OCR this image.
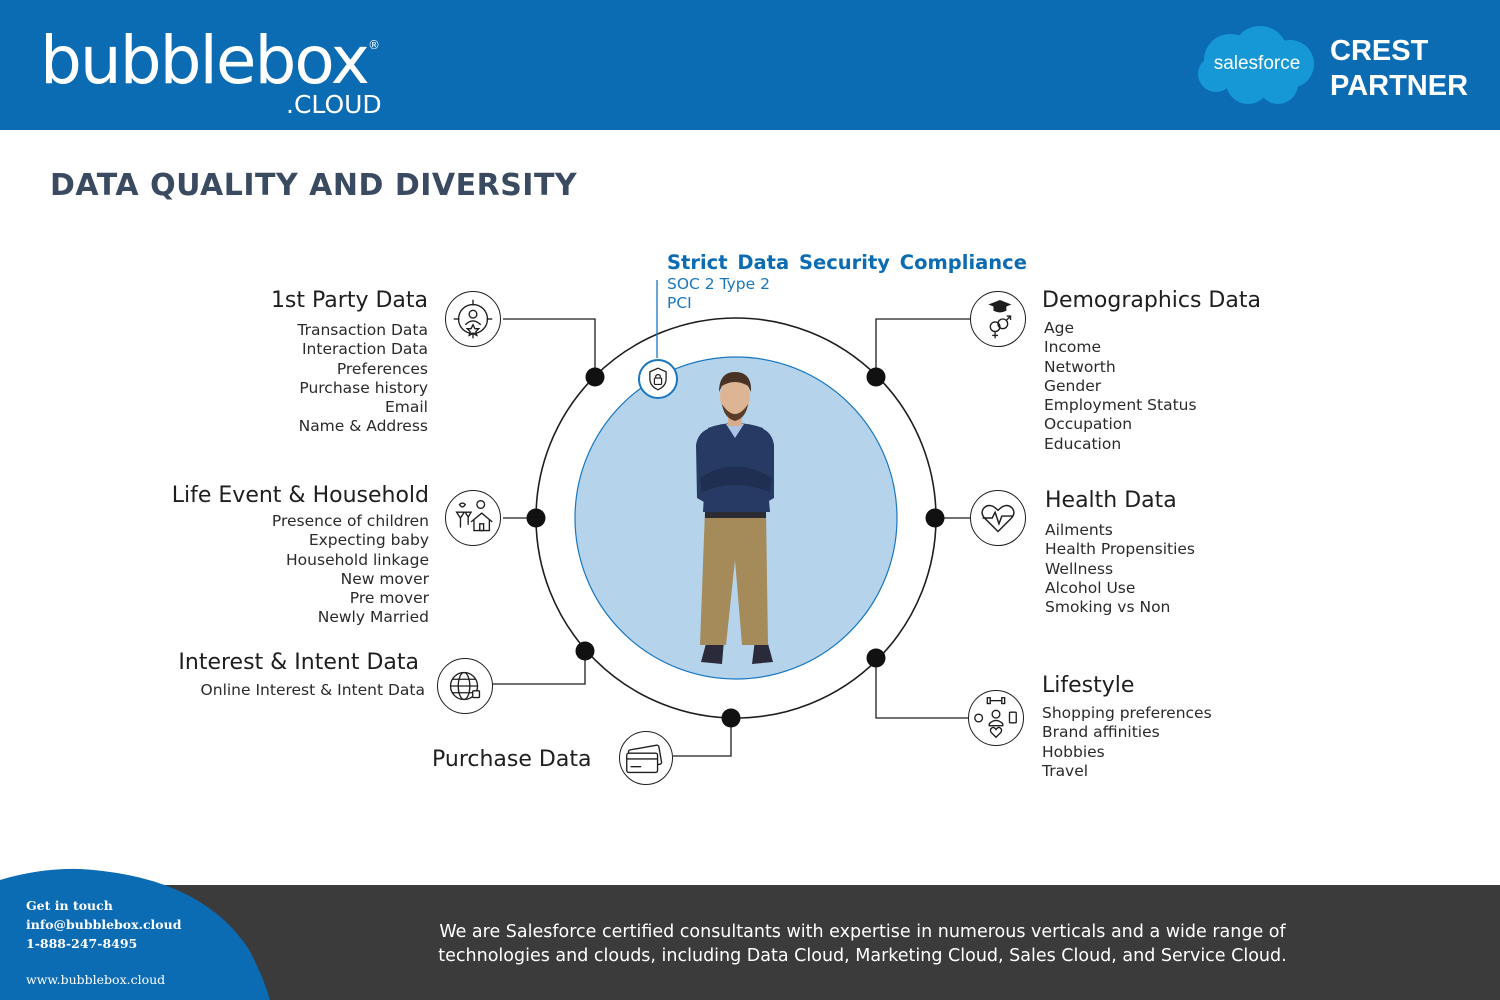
bubblebox ®
.CLOUD
salesforce CREST
PARTNER
DATA QUALITY AND DIVERSITY
Strict Data Security Compliance
SOC 2 Type 2
PCI
1st Party Data
Transaction Data
Interaction Data
Preferences
Purchase history
Email
Name & Address
Life Event & Household
Presence of children
Expecting baby
Household linkage
New mover
Pre mover
Newly Married
Interest & Intent Data
Online Interest & Intent Data
Purchase Data
Demographics Data
Age
Income
Networth
Gender
Employment Status
Occupation
Education
Health Data
Ailments
Health Propensities
Wellness
Alcohol Use
Smoking vs Non
Lifestyle
Shopping preferences
Brand affinities
Hobbies
Travel
Get in touch
info@bubblebox.cloud
1-888-247-8495
www.bubblebox.cloud
We are Salesforce certified consultants with expertise in numerous verticals and a wide range of
technologies and clouds, including Data Cloud, Marketing Cloud, Sales Cloud, and Service Cloud.
